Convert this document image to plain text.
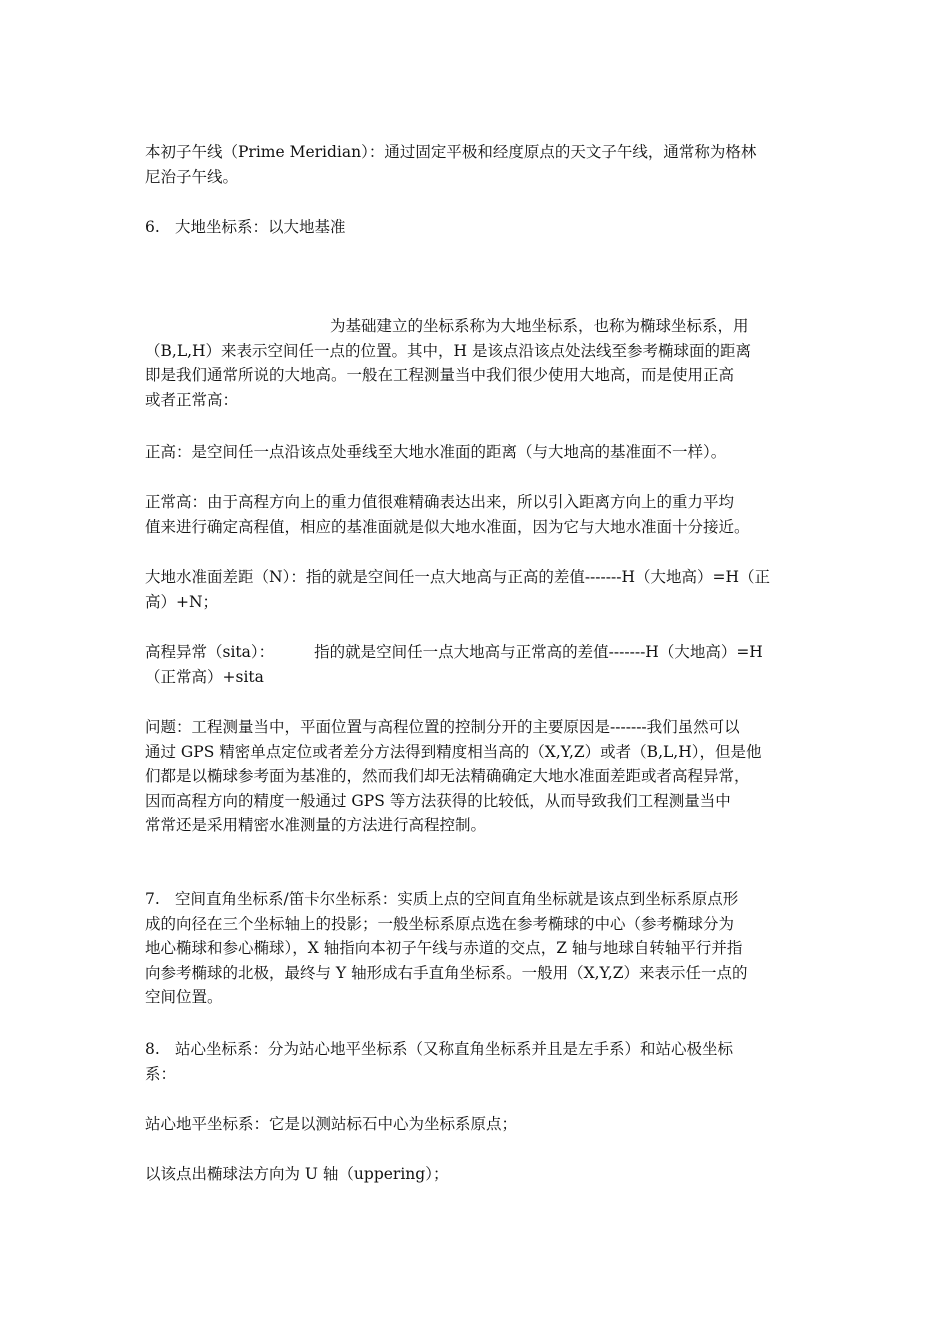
本初子午线（Prime Meridian）：通过固定平极和经度原点的天文子午线，通常称为格林
尼治子午线。
6. 大地坐标系：以大地基准
为基础建立的坐标系称为大地坐标系，也称为椭球坐标系，用
（B,L,H）来表示空间任一点的位置。其中，H 是该点沿该点处法线至参考椭球面的距离
即是我们通常所说的大地高。一般在工程测量当中我们很少使用大地高，而是使用正高
或者正常高：
正高：是空间任一点沿该点处垂线至大地水准面的距离（与大地高的基准面不一样）。
正常高：由于高程方向上的重力值很难精确表达出来，所以引入距离方向上的重力平均
值来进行确定高程值，相应的基准面就是似大地水准面，因为它与大地水准面十分接近。
大地水准面差距（N）：指的就是空间任一点大地高与正高的差值-------H（大地高）=H（正
高）+N；
高程异常（sita）：	指的就是空间任一点大地高与正常高的差值-------H（大地高）=H
（正常高）+sita
问题：工程测量当中，平面位置与高程位置的控制分开的主要原因是-------我们虽然可以
通过 GPS 精密单点定位或者差分方法得到精度相当高的（X,Y,Z）或者（B,L,H），但是他
们都是以椭球参考面为基准的，然而我们却无法精确确定大地水准面差距或者高程异常，
因而高程方向的精度一般通过 GPS 等方法获得的比较低，从而导致我们工程测量当中
常常还是采用精密水准测量的方法进行高程控制。
7. 空间直角坐标系/笛卡尔坐标系：实质上点的空间直角坐标就是该点到坐标系原点形
成的向径在三个坐标轴上的投影；一般坐标系原点选在参考椭球的中心（参考椭球分为
地心椭球和参心椭球），X 轴指向本初子午线与赤道的交点，Z 轴与地球自转轴平行并指
向参考椭球的北极，最终与 Y 轴形成右手直角坐标系。一般用（X,Y,Z）来表示任一点的
空间位置。
8. 站心坐标系：分为站心地平坐标系（又称直角坐标系并且是左手系）和站心极坐标
系：
站心地平坐标系：它是以测站标石中心为坐标系原点；
以该点出椭球法方向为 U 轴（uppering）；
